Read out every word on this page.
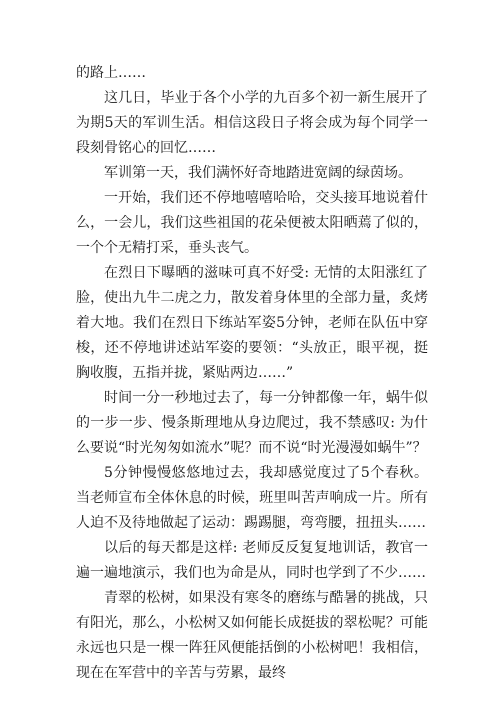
的路上……

这几日，毕业于各个小学的九百多个初一新生展开了为期5天的军训生活。相信这段日子将会成为每个同学一段刻骨铭心的回忆……

军训第一天，我们满怀好奇地踏进宽阔的绿茵场。

一开始，我们还不停地嘻嘻哈哈，交头接耳地说着什么，一会儿，我们这些祖国的花朵便被太阳晒蔫了似的，一个个无精打采，垂头丧气。

在烈日下曝晒的滋味可真不好受: 无情的太阳涨红了脸，使出九牛二虎之力，散发着身体里的全部力量，炙烤着大地。我们在烈日下练站军姿5分钟，老师在队伍中穿梭，还不停地讲述站军姿的要领：“头放正，眼平视，挺胸收腹，五指并拢，紧贴两边……”

时间一分一秒地过去了，每一分钟都像一年，蜗牛似的一步一步、慢条斯理地从身边爬过，我不禁感叹: 为什么要说“时光匆匆如流水”呢？而不说“时光漫漫如蜗牛”？

5分钟慢慢悠悠地过去，我却感觉度过了5个春秋。当老师宣布全体休息的时候，班里叫苦声响成一片。所有人迫不及待地做起了运动：踢踢腿，弯弯腰，扭扭头……

以后的每天都是这样: 老师反反复复地训话，教官一遍一遍地演示，我们也为命是从，同时也学到了不少……

青翠的松树，如果没有寒冬的磨练与酷暑的挑战，只有阳光，那么，小松树又如何能长成挺拔的翠松呢？可能永远也只是一棵一阵狂风便能括倒的小松树吧！我相信，现在在军营中的辛苦与劳累，最终
